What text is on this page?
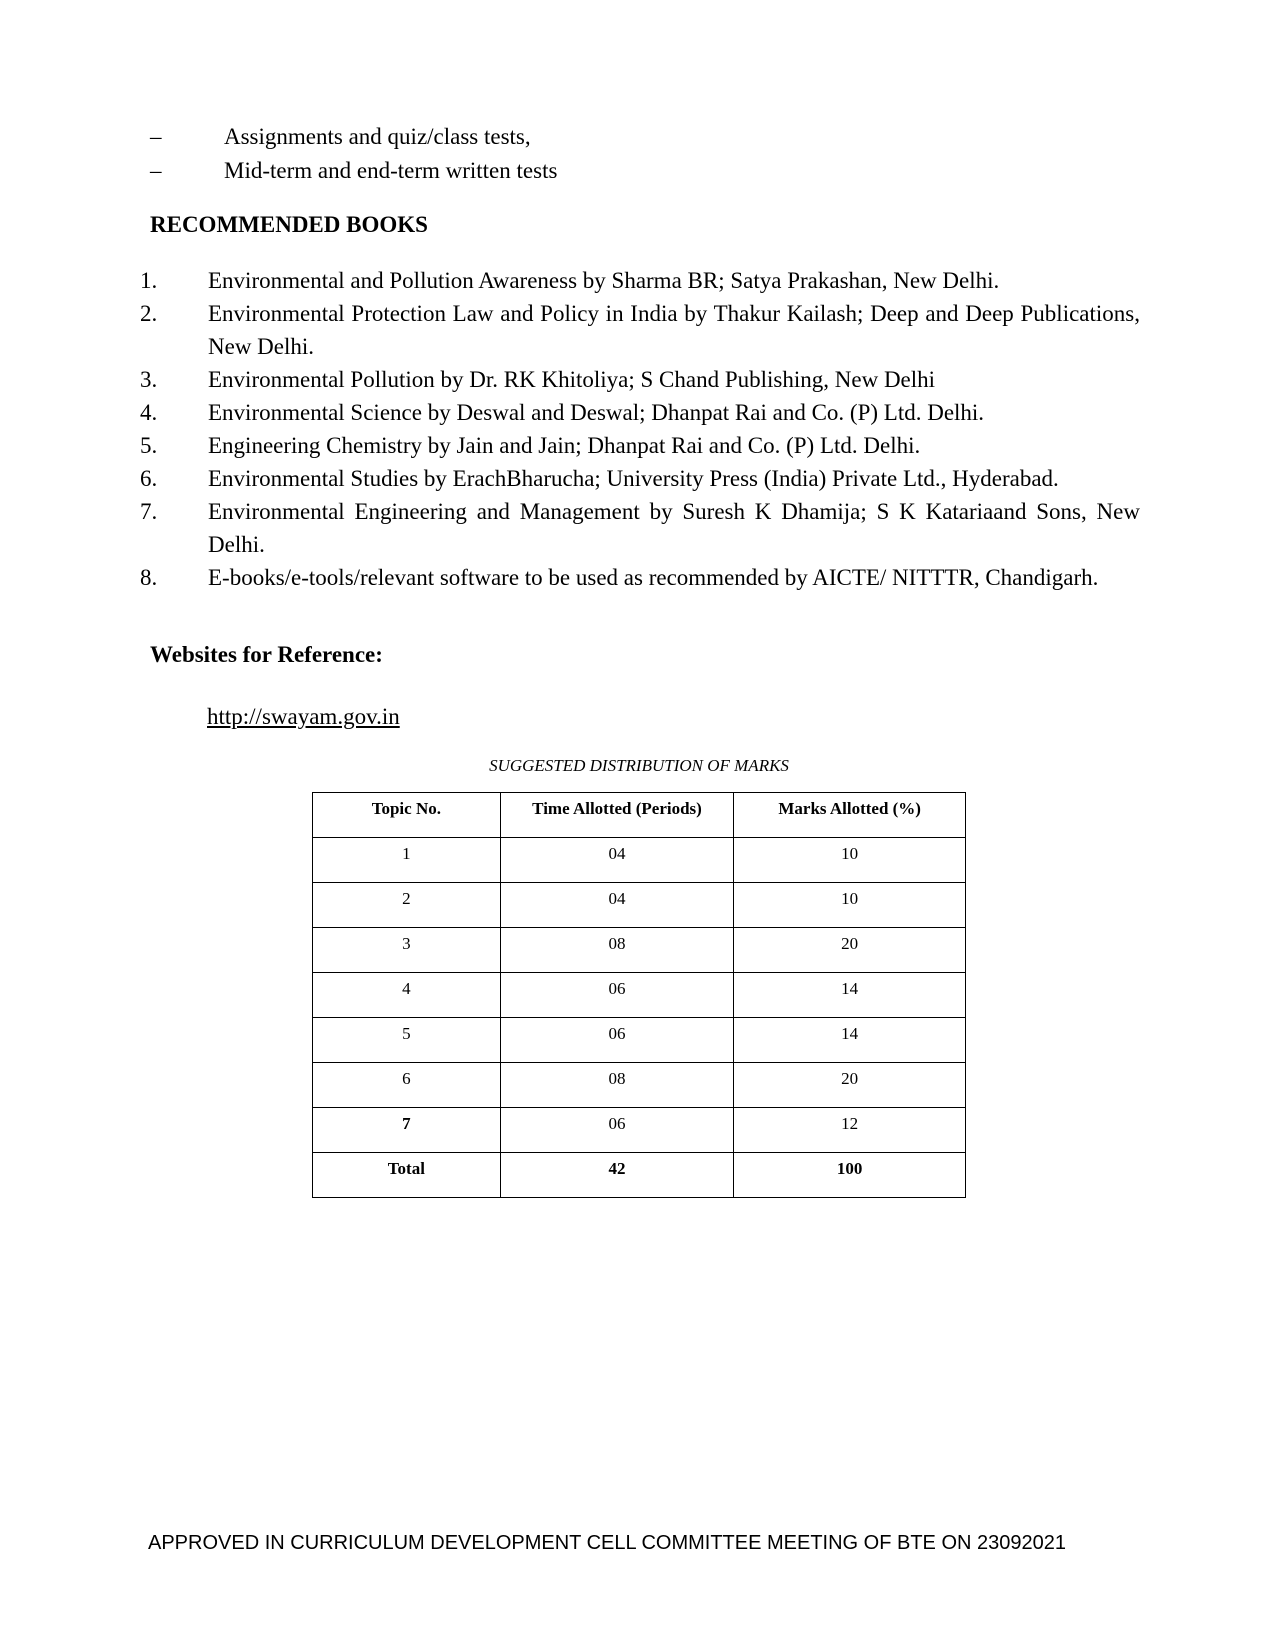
–	Assignments and quiz/class tests,
–	Mid-term and end-term written tests
RECOMMENDED BOOKS
1. Environmental and Pollution Awareness by Sharma BR; Satya Prakashan, New Delhi.
2. Environmental Protection Law and Policy in India by Thakur Kailash; Deep and Deep Publications, New Delhi.
3. Environmental Pollution by Dr. RK Khitoliya; S Chand Publishing, New Delhi
4. Environmental Science by Deswal and Deswal; Dhanpat Rai and Co. (P) Ltd. Delhi.
5. Engineering Chemistry by Jain and Jain; Dhanpat Rai and Co. (P) Ltd. Delhi.
6. Environmental Studies by ErachBharucha; University Press (India) Private Ltd., Hyderabad.
7. Environmental Engineering and Management by Suresh K Dhamija; S K Katariaand Sons, New Delhi.
8. E-books/e-tools/relevant software to be used as recommended by AICTE/ NITTTR, Chandigarh.
Websites for Reference:
http://swayam.gov.in
SUGGESTED DISTRIBUTION OF MARKS
Topic No.	Time Allotted (Periods)	Marks Allotted (%)
1	04	10
2	04	10
3	08	20
4	06	14
5	06	14
6	08	20
7	06	12
Total	42	100
APPROVED IN CURRICULUM DEVELOPMENT CELL COMMITTEE MEETING OF BTE ON 23092021
